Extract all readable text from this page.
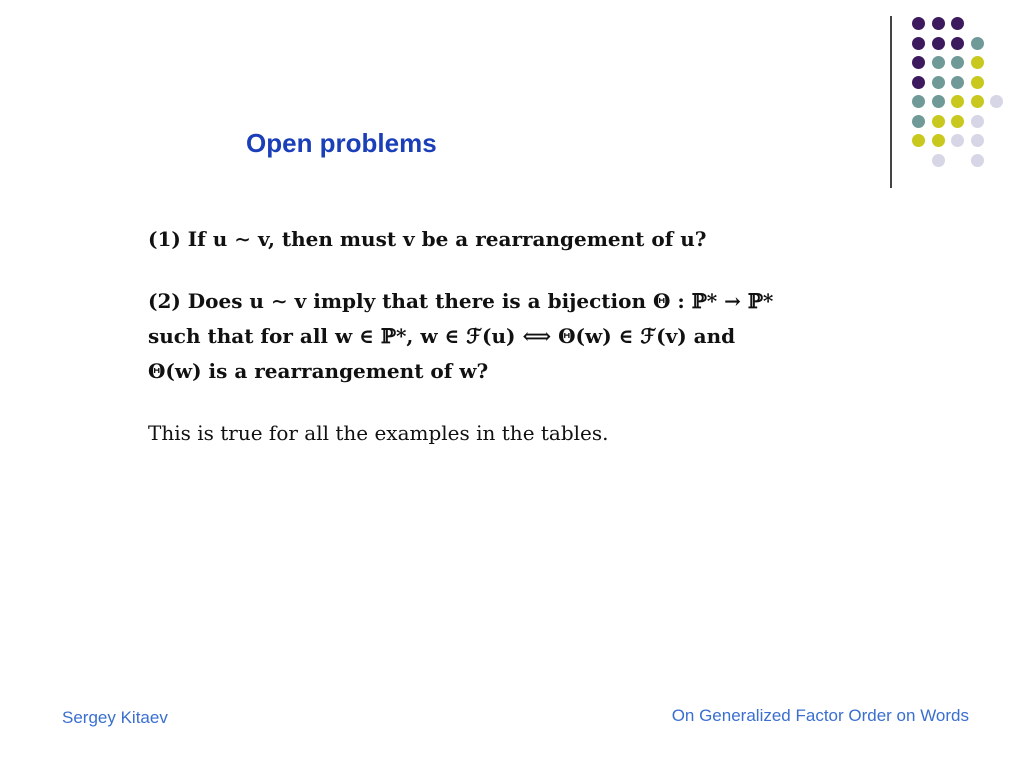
Open problems
(1) If u ∼ v, then must v be a rearrangement of u?
(2) Does u ∼ v imply that there is a bijection Θ : ℙ* → ℙ*
such that for all w ∈ ℙ*, w ∈ ℱ(u) ⟺ Θ(w) ∈ ℱ(v) and
Θ(w) is a rearrangement of w?
This is true for all the examples in the tables.
Sergey Kitaev	On Generalized Factor Order on Words
